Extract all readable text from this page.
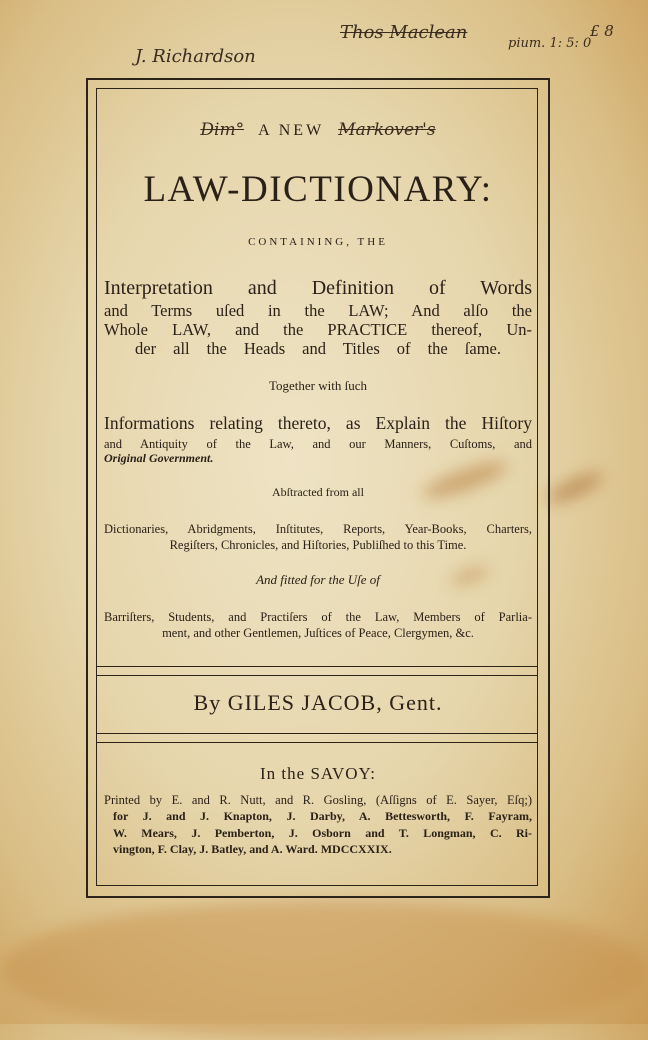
J. Richardson
Thos Maclean
pium. 1: 5: 0
£ 8
Dim° A NEW Markover's
LAW-DICTIONARY:
CONTAINING, THE
Interpretation and Definition of Words
and Terms uſed in the LAW; And alſo the
Whole LAW, and the PRACTICE thereof, Un-
der all the Heads and Titles of the ſame.
Together with ſuch
Informations relating thereto, as Explain the Hiſtory
and Antiquity of the Law, and our Manners, Cuſtoms, and
Original Government.
Abſtracted from all
Dictionaries, Abridgments, Inſtitutes, Reports, Year-Books, Charters,
Regiſters, Chronicles, and Hiſtories, Publiſhed to this Time.
And fitted for the Uſe of
Barriſters, Students, and Practiſers of the Law, Members of Parlia-
ment, and other Gentlemen, Juſtices of Peace, Clergymen, &c.
By GILES JACOB, Gent.
In the SAVOY:
Printed by E. and R. Nutt, and R. Gosling, (Aſſigns of E. Sayer, Eſq;)
for J. and J. Knapton, J. Darby, A. Bettesworth, F. Fayram,
W. Mears, J. Pemberton, J. Osborn and T. Longman, C. Ri-
vington, F. Clay, J. Batley, and A. Ward. MDCCXXIX.
